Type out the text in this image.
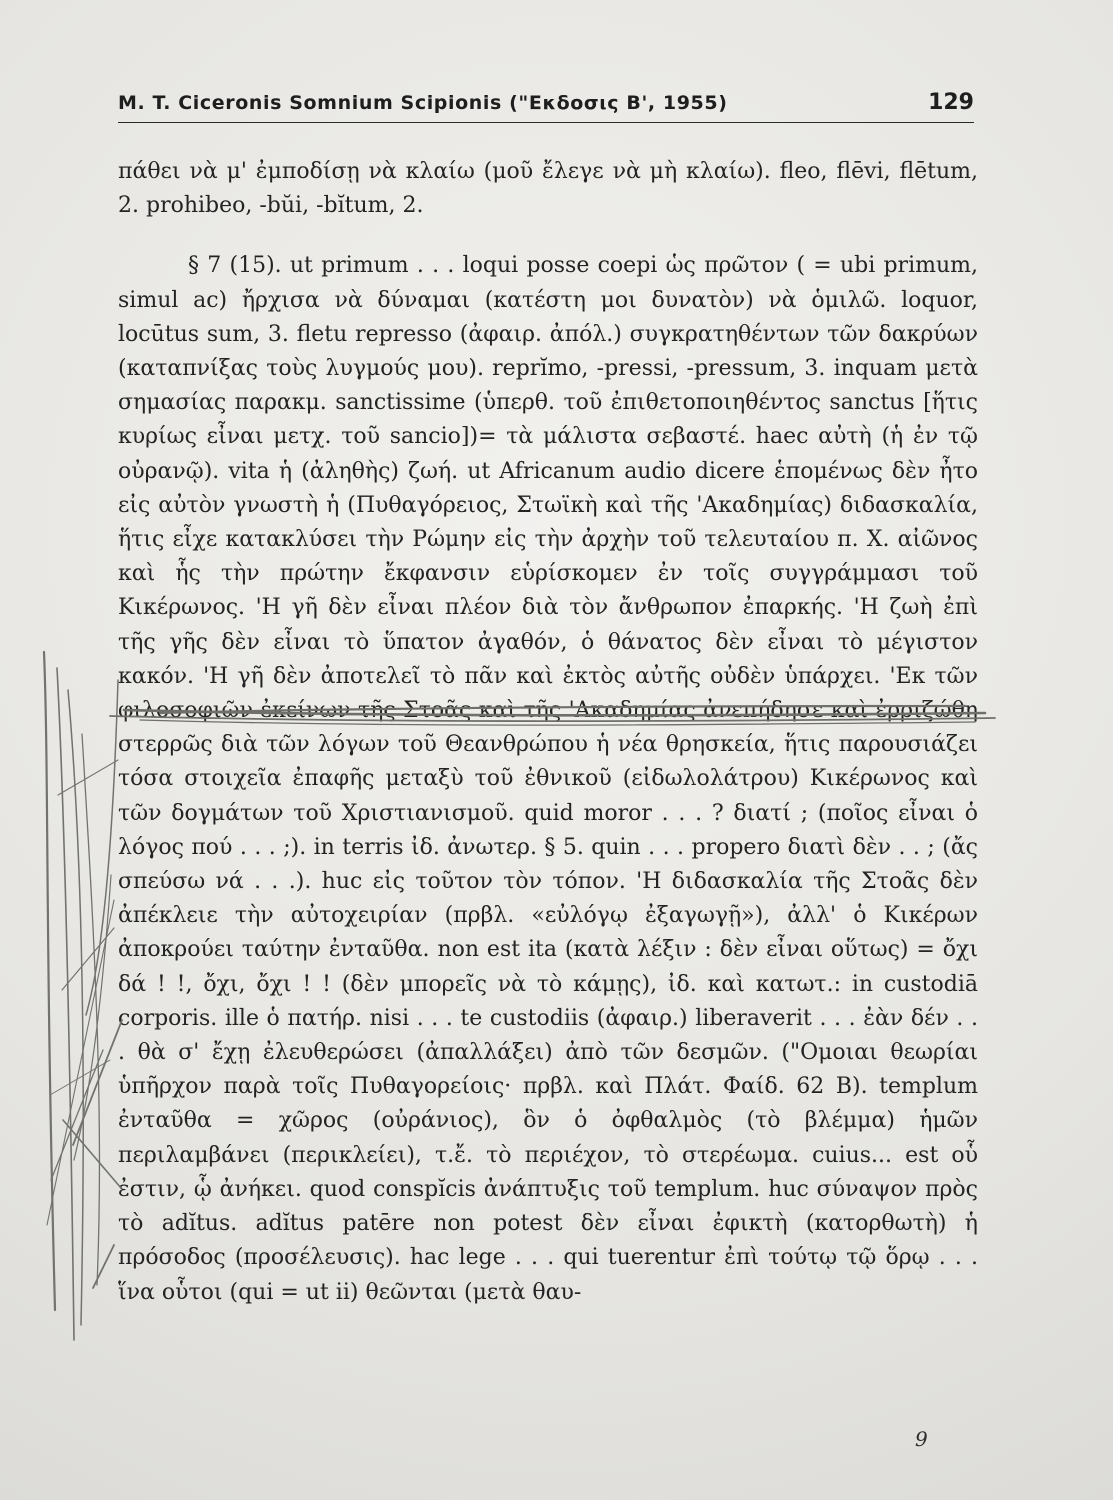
M. T. Ciceronis Somnium Scipionis ("Εκδοσις Β', 1955)	129

πάθει νὰ μ' ἐμποδίσῃ νὰ κλαίω (μοῦ ἔλεγε νὰ μὴ κλαίω). fleo, flēvi, flētum, 2. prohibeo, -bŭi, -bĭtum, 2.

§ 7 (15). ut primum . . . loqui posse coepi ὡς πρῶτον ( = ubi primum, simul ac) ἤρχισα νὰ δύναμαι (κατέστη μοι δυνατὸν) νὰ ὁμιλῶ. loquor, locūtus sum, 3. fletu represso (ἀφαιρ. ἀπόλ.) συγκρατηθέντων τῶν δακρύων (καταπνίξας τοὺς λυγμούς μου). reprĭmo, -pressi, -pressum, 3. inquam μετὰ σημασίας παρακμ. sanctissime (ὑπερθ. τοῦ ἐπιθετοποιηθέντος sanctus [ἥτις κυρίως εἶναι μετχ. τοῦ sancio])= τὰ μάλιστα σεβαστέ. haec αὐτὴ (ἡ ἐν τῷ οὐρανῷ). vita ἡ (ἀληθὴς) ζωή. ut Africanum audio dicere ἑπομένως δὲν ἦτο εἰς αὐτὸν γνωστὴ ἡ (Πυθαγόρειος, Στωϊκὴ καὶ τῆς 'Ακαδημίας) διδασκαλία, ἥτις εἶχε κατακλύσει τὴν Ρώμην εἰς τὴν ἀρχὴν τοῦ τελευταίου π. Χ. αἰῶνος καὶ ἧς τὴν πρώτην ἔκφανσιν εὑρίσκομεν ἐν τοῖς συγγράμμασι τοῦ Κικέρωνος. 'Η γῆ δὲν εἶναι πλέον διὰ τὸν ἄνθρωπον ἐπαρκής. 'Η ζωὴ ἐπὶ τῆς γῆς δὲν εἶναι τὸ ὕπατον ἀγαθόν, ὁ θάνατος δὲν εἶναι τὸ μέγιστον κακόν. 'Η γῆ δὲν ἀποτελεῖ τὸ πᾶν καὶ ἐκτὸς αὐτῆς οὐδὲν ὑπάρχει. 'Εκ τῶν φιλοσοφιῶν ἐκείνων τῆς Στοᾶς καὶ τῆς 'Ακαδημίας ἀνεπήδησε καὶ ἐρριζώθη στερρῶς διὰ τῶν λόγων τοῦ Θεανθρώπου ἡ νέα θρησκεία, ἥτις παρουσιάζει τόσα στοιχεῖα ἐπαφῆς μεταξὺ τοῦ ἐθνικοῦ (εἰδωλολάτρου) Κικέρωνος καὶ τῶν δογμάτων τοῦ Χριστιανισμοῦ. quid moror . . . ? διατί ; (ποῖος εἶναι ὁ λόγος πού . . . ;). in terris ἰδ. ἀνωτερ. § 5. quin . . . propero διατὶ δὲν . . ; (ἄς σπεύσω νά . . .). huc εἰς τοῦτον τὸν τόπον. 'Η διδασκαλία τῆς Στοᾶς δὲν ἀπέκλειε τὴν αὐτοχειρίαν (πρβλ. «εὐλόγῳ ἐξαγωγῇ»), ἀλλ' ὁ Κικέρων ἀποκρούει ταύτην ἐνταῦθα. non est ita (κατὰ λέξιν : δὲν εἶναι οὕτως) = ὄχι δά ! !, ὄχι, ὄχι ! ! (δὲν μπορεῖς νὰ τὸ κάμῃς), ἰδ. καὶ κατωτ.: in custodiā corporis. ille ὁ πατήρ. nisi . . . te custodiis (ἀφαιρ.) liberaverit . . . ἐὰν δέν . . . θὰ σ' ἔχῃ ἐλευθερώσει (ἀπαλλάξει) ἀπὸ τῶν δεσμῶν. ("Ομοιαι θεωρίαι ὑπῆρχον παρὰ τοῖς Πυθαγορείοις· πρβλ. καὶ Πλάτ. Φαίδ. 62 Β). templum ἐνταῦθα = χῶρος (οὐράνιος), ὃν ὁ ὀφθαλμὸς (τὸ βλέμμα) ἡμῶν περιλαμβάνει (περικλείει), τ.ἔ. τὸ περιέχον, τὸ στερέωμα. cuius... est οὗ ἐστιν, ᾧ ἀνήκει. quod conspĭcis ἀνάπτυξις τοῦ templum. huc σύναψον πρὸς τὸ adĭtus. adĭtus patēre non potest δὲν εἶναι ἐφικτὴ (κατορθωτὴ) ἡ πρόσοδος (προσέλευσις). hac lege . . . qui tuerentur ἐπὶ τούτῳ τῷ ὅρῳ . . . ἵνα οὗτοι (qui = ut ii) θεῶνται (μετὰ θαυ-

9
